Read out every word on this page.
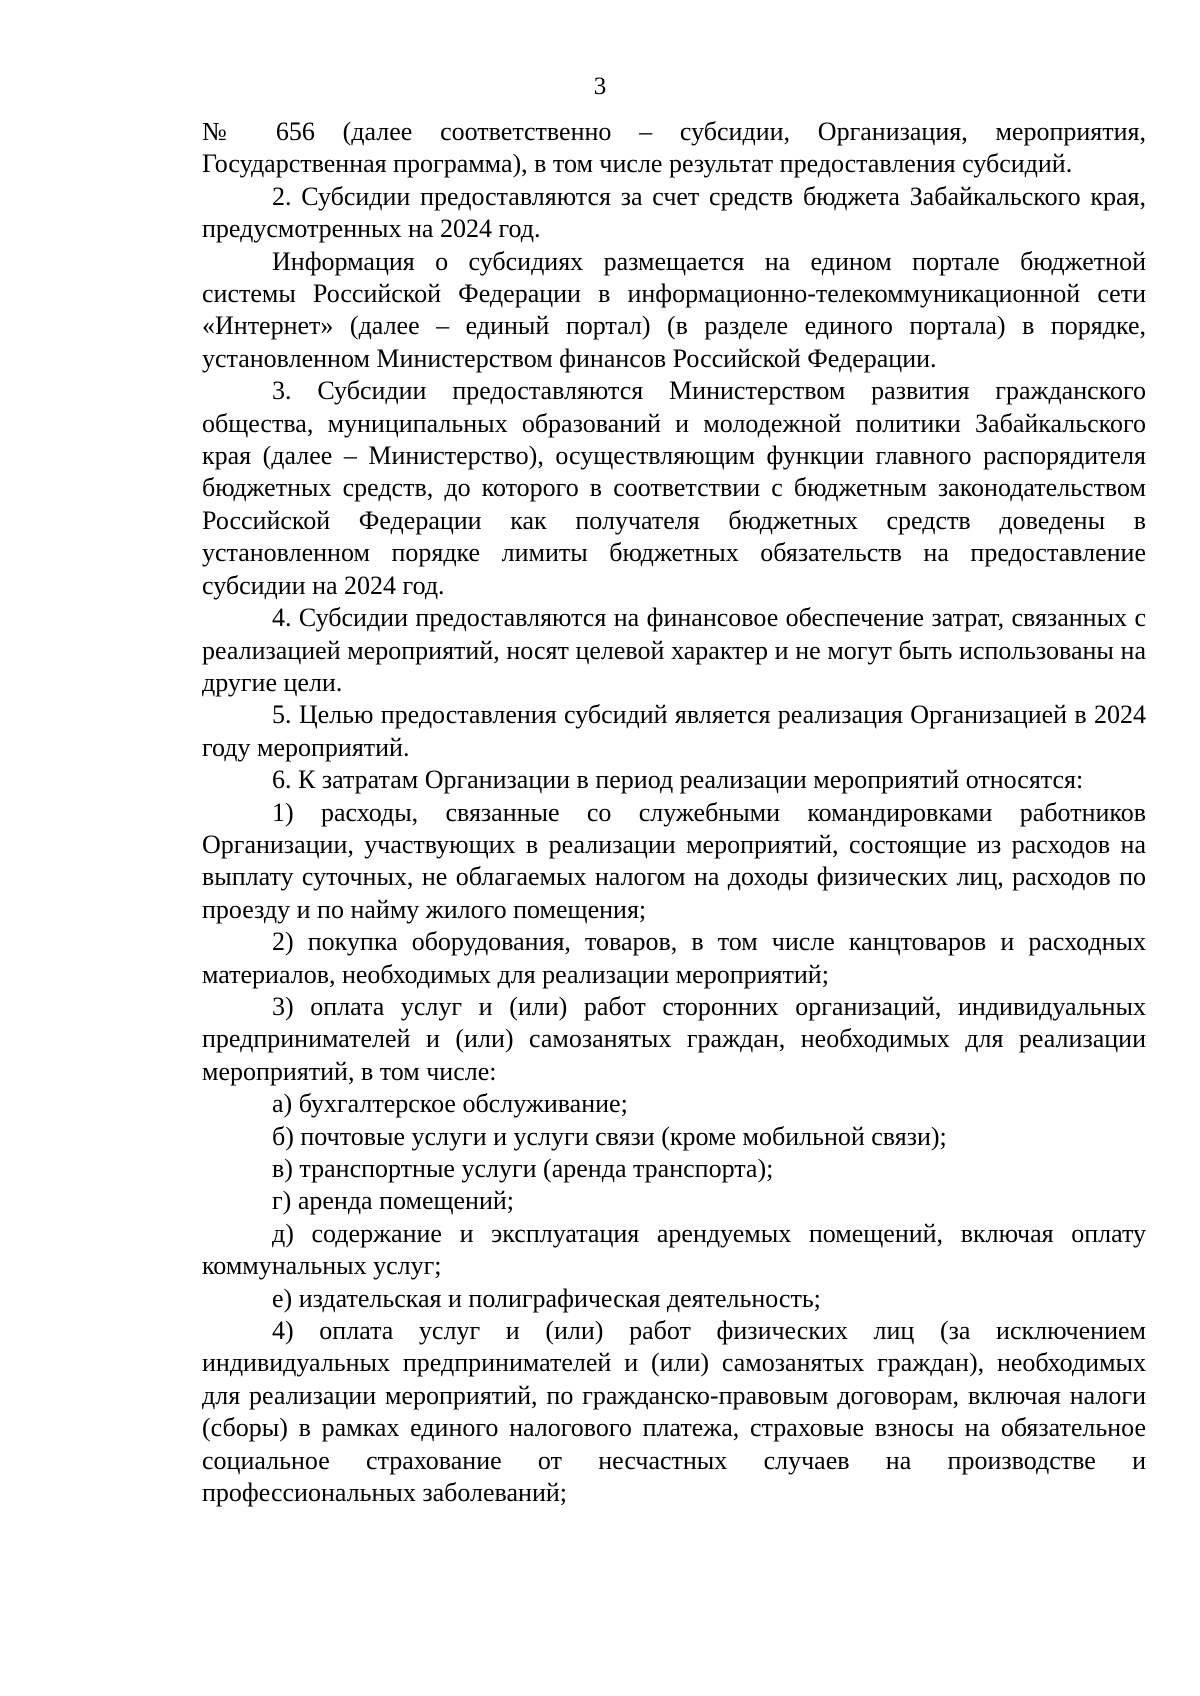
3

№ 656 (далее соответственно – субсидии, Организация, мероприятия, Государственная программа), в том числе результат предоставления субсидий.

2. Субсидии предоставляются за счет средств бюджета Забайкальского края, предусмотренных на 2024 год.

Информация о субсидиях размещается на едином портале бюджетной системы Российской Федерации в информационно-телекоммуникационной сети «Интернет» (далее – единый портал) (в разделе единого портала) в порядке, установленном Министерством финансов Российской Федерации.

3. Субсидии предоставляются Министерством развития гражданского общества, муниципальных образований и молодежной политики Забайкальского края (далее – Министерство), осуществляющим функции главного распорядителя бюджетных средств, до которого в соответствии с бюджетным законодательством Российской Федерации как получателя бюджетных средств доведены в установленном порядке лимиты бюджетных обязательств на предоставление субсидии на 2024 год.

4. Субсидии предоставляются на финансовое обеспечение затрат, связанных с реализацией мероприятий, носят целевой характер и не могут быть использованы на другие цели.

5. Целью предоставления субсидий является реализация Организацией в 2024 году мероприятий.

6. К затратам Организации в период реализации мероприятий относятся:

1) расходы, связанные со служебными командировками работников Организации, участвующих в реализации мероприятий, состоящие из расходов на выплату суточных, не облагаемых налогом на доходы физических лиц, расходов по проезду и по найму жилого помещения;

2) покупка оборудования, товаров, в том числе канцтоваров и расходных материалов, необходимых для реализации мероприятий;

3) оплата услуг и (или) работ сторонних организаций, индивидуальных предпринимателей и (или) самозанятых граждан, необходимых для реализации мероприятий, в том числе:

а) бухгалтерское обслуживание;

б) почтовые услуги и услуги связи (кроме мобильной связи);

в) транспортные услуги (аренда транспорта);

г) аренда помещений;

д) содержание и эксплуатация арендуемых помещений, включая оплату коммунальных услуг;

е) издательская и полиграфическая деятельность;

4) оплата услуг и (или) работ физических лиц (за исключением индивидуальных предпринимателей и (или) самозанятых граждан), необходимых для реализации мероприятий, по гражданско-правовым договорам, включая налоги (сборы) в рамках единого налогового платежа, страховые взносы на обязательное социальное страхование от несчастных случаев на производстве и профессиональных заболеваний;
